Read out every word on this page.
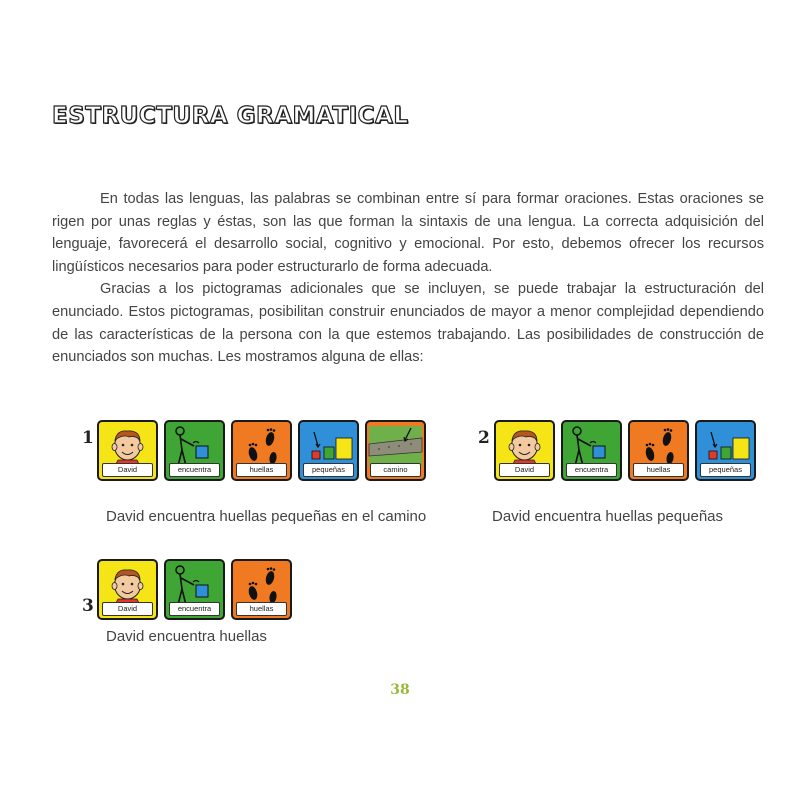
ESTRUCTURA GRAMATICAL

En todas las lenguas, las palabras se combinan entre sí para formar oraciones. Estas oraciones se rigen por unas reglas y éstas, son las que forman la sintaxis de una lengua. La correcta adquisición del lenguaje, favorecerá el desarrollo social, cognitivo y emocional. Por esto, debemos ofrecer los recursos lingüísticos necesarios para poder estructurarlo de forma adecuada.

Gracias a los pictogramas adicionales que se incluyen, se puede trabajar la estructuración del enunciado. Estos pictogramas, posibilitan construir enunciados de mayor a menor complejidad dependiendo de las características de la persona con la que estemos trabajando. Las posibilidades de construcción de enunciados son muchas. Les mostramos alguna de ellas:

1
David	encuentra	huellas	pequeñas	camino
David encuentra huellas pequeñas en el camino
2
David	encuentra	huellas	pequeñas
David encuentra huellas pequeñas
3	David	encuentra	huellas
David encuentra huellas
38
